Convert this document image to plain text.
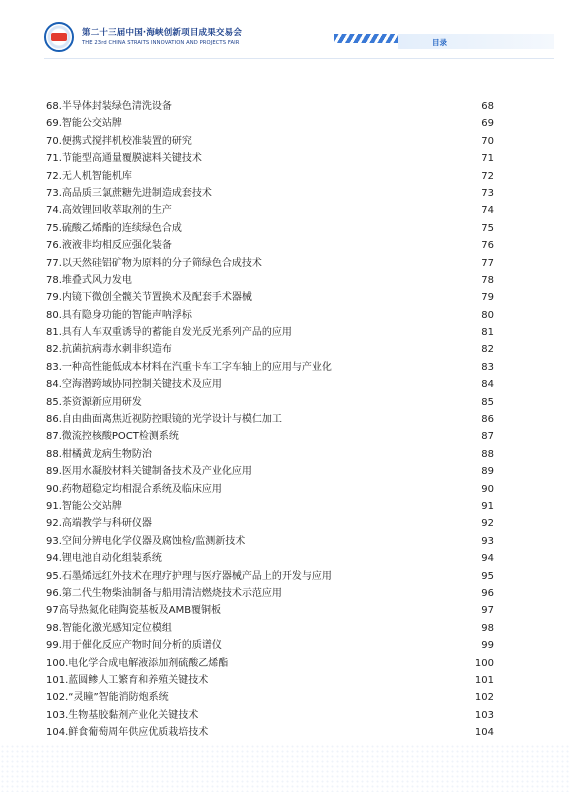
第二十三届中国·海峡创新项目成果交易会
THE 23rd CHINA STRAITS INNOVATION AND PROJECTS FAIR	目录
68.半导体封装绿色清洗设备	68
69.智能公交站牌	69
70.便携式搅拌机校准装置的研究	70
71.节能型高通量覆膜滤料关键技术	71
72.无人机智能机库	72
73.高品质三氯蔗糖先进制造成套技术	73
74.高效锂回收萃取剂的生产	74
75.硫酸乙烯酯的连续绿色合成	75
76.液液非均相反应强化装备	76
77.以天然硅铝矿物为原料的分子筛绿色合成技术	77
78.堆叠式风力发电	78
79.内镜下微创全髋关节置换术及配套手术器械	79
80.具有隐身功能的智能声呐浮标	80
81.具有人车双重诱导的蓄能自发光反光系列产品的应用	81
82.抗菌抗病毒水刺非织造布	82
83.一种高性能低成本材料在汽重卡车工字车轴上的应用与产业化	83
84.空海潜跨域协同控制关键技术及应用	84
85.茶资源新应用研发	85
86.自由曲面离焦近视防控眼镜的光学设计与模仁加工	86
87.微流控核酸POCT检测系统	87
88.柑橘黄龙病生物防治	88
89.医用水凝胶材料关键制备技术及产业化应用	89
90.药物超稳定均相混合系统及临床应用	90
91.智能公交站牌	91
92.高端教学与科研仪器	92
93.空间分辨电化学仪器及腐蚀检/监测新技术	93
94.锂电池自动化组装系统	94
95.石墨烯远红外技术在理疗护理与医疗器械产品上的开发与应用	95
96.第二代生物柴油制备与船用清洁燃烧技术示范应用	96
97高导热氮化硅陶瓷基板及AMB覆铜板	97
98.智能化激光感知定位模组	98
99.用于催化反应产物时间分析的质谱仪	99
100.电化学合成电解液添加剂硫酸乙烯酯	100
101.蓝圆鲹人工繁育和养殖关键技术	101
102.“灵瞳”智能消防炮系统	102
103.生物基胶黏剂产业化关键技术	103
104.鲜食葡萄周年供应优质栽培技术	104
